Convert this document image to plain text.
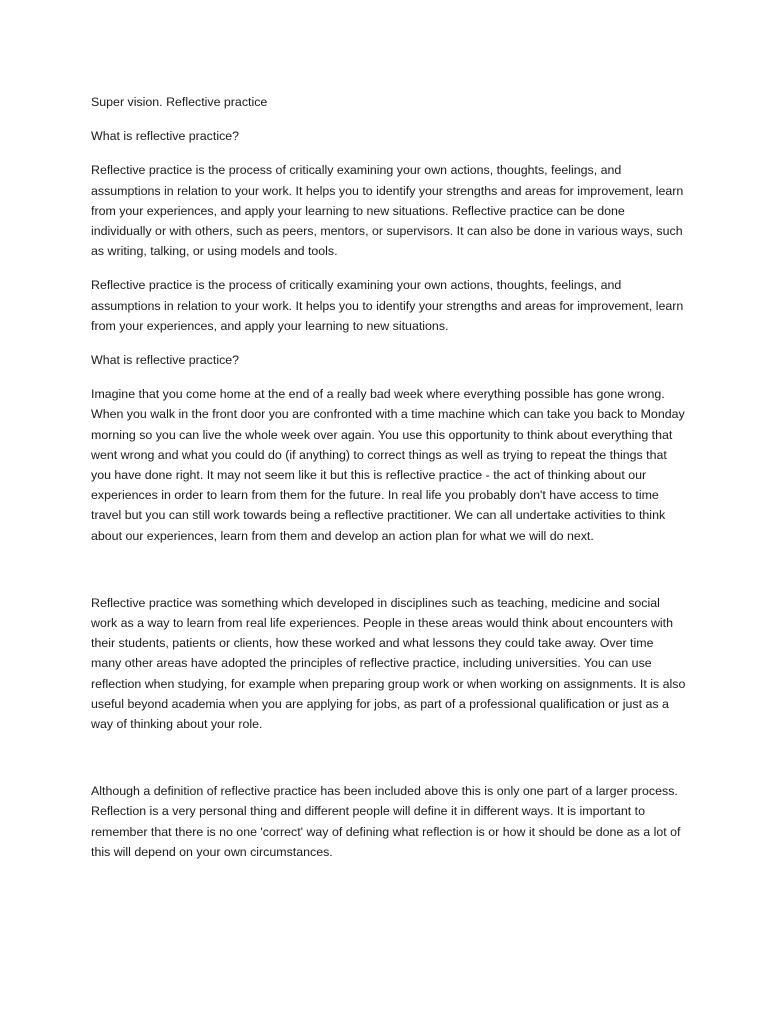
Super vision. Reflective practice

What is reflective practice?

Reflective practice is the process of critically examining your own actions, thoughts, feelings, and assumptions in relation to your work. It helps you to identify your strengths and areas for improvement, learn from your experiences, and apply your learning to new situations. Reflective practice can be done individually or with others, such as peers, mentors, or supervisors. It can also be done in various ways, such as writing, talking, or using models and tools.

Reflective practice is the process of critically examining your own actions, thoughts, feelings, and assumptions in relation to your work. It helps you to identify your strengths and areas for improvement, learn from your experiences, and apply your learning to new situations.

What is reflective practice?

Imagine that you come home at the end of a really bad week where everything possible has gone wrong. When you walk in the front door you are confronted with a time machine which can take you back to Monday morning so you can live the whole week over again. You use this opportunity to think about everything that went wrong and what you could do (if anything) to correct things as well as trying to repeat the things that you have done right. It may not seem like it but this is reflective practice - the act of thinking about our experiences in order to learn from them for the future. In real life you probably don't have access to time travel but you can still work towards being a reflective practitioner. We can all undertake activities to think about our experiences, learn from them and develop an action plan for what we will do next.

Reflective practice was something which developed in disciplines such as teaching, medicine and social work as a way to learn from real life experiences. People in these areas would think about encounters with their students, patients or clients, how these worked and what lessons they could take away. Over time many other areas have adopted the principles of reflective practice, including universities. You can use reflection when studying, for example when preparing group work or when working on assignments. It is also useful beyond academia when you are applying for jobs, as part of a professional qualification or just as a way of thinking about your role.

Although a definition of reflective practice has been included above this is only one part of a larger process. Reflection is a very personal thing and different people will define it in different ways. It is important to remember that there is no one 'correct' way of defining what reflection is or how it should be done as a lot of this will depend on your own circumstances.
